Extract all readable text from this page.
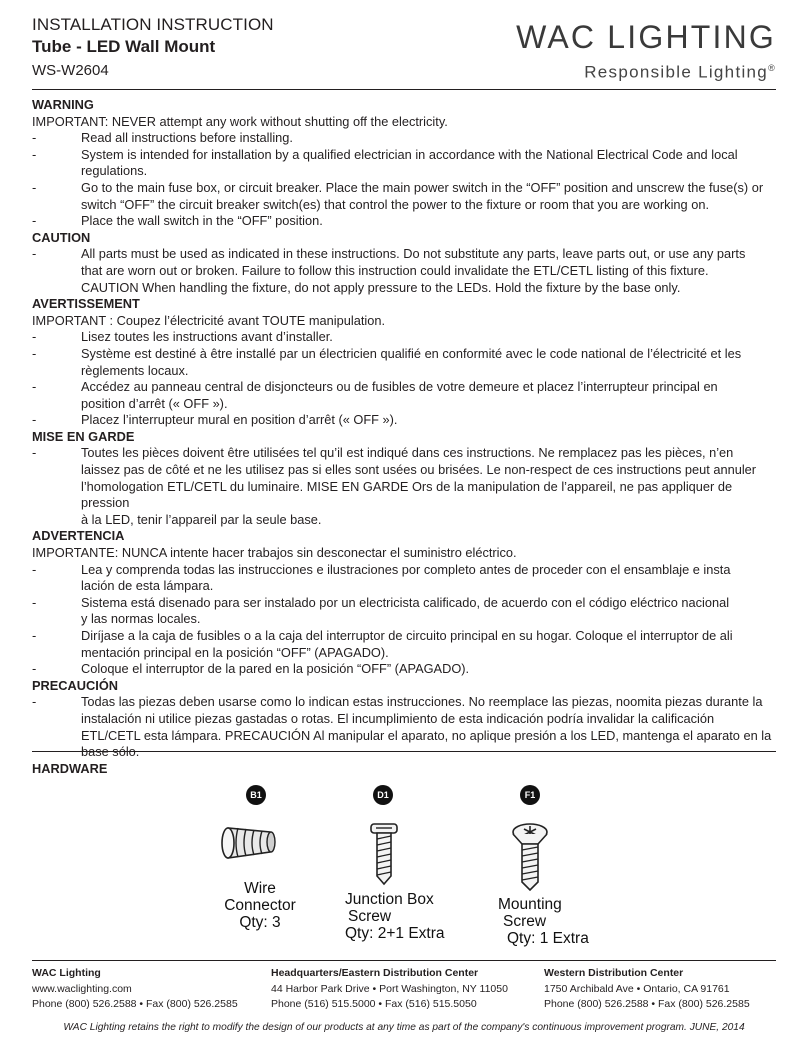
INSTALLATION INSTRUCTION
Tube - LED Wall Mount
WS-W2604
WAC LIGHTING
Responsible Lighting®
WARNING
IMPORTANT: NEVER attempt any work without shutting off the electricity.
-	Read all instructions before installing.
-	System is intended for installation by a qualified electrician in accordance with the National Electrical Code and local
regulations.
-	Go to the main fuse box, or circuit breaker. Place the main power switch in the “OFF” position and unscrew the fuse(s) or
switch “OFF” the circuit breaker switch(es) that control the power to the fixture or room that you are working on.
-	Place the wall switch in the “OFF” position.
CAUTION
-	All parts must be used as indicated in these instructions. Do not substitute any parts, leave parts out, or use any parts
that are worn out or broken. Failure to follow this instruction could invalidate the ETL/CETL listing of this fixture.
CAUTION When handling the fixture, do not apply pressure to the LEDs. Hold the fixture by the base only.
AVERTISSEMENT
IMPORTANT : Coupez l’électricité avant TOUTE manipulation.
-	Lisez toutes les instructions avant d’installer.
-	Système est destiné à être installé par un électricien qualifié en conformité avec le code national de l’électricité et les
règlements locaux.
-	Accédez au panneau central de disjoncteurs ou de fusibles de votre demeure et placez l’interrupteur principal en
position d’arrêt (« OFF »).
-	Placez l’interrupteur mural en position d’arrêt (« OFF »).
MISE EN GARDE
-	Toutes les pièces doivent être utilisées tel qu’il est indiqué dans ces instructions. Ne remplacez pas les pièces, n’en
laissez pas de côté et ne les utilisez pas si elles sont usées ou brisées. Le non-respect de ces instructions peut annuler
l’homologation ETL/CETL du luminaire. MISE EN GARDE Ors de la manipulation de l’appareil, ne pas appliquer de pression
à la LED, tenir l’appareil par la seule base.
ADVERTENCIA
IMPORTANTE: NUNCA intente hacer trabajos sin desconectar el suministro eléctrico.
-	Lea y comprenda todas las instrucciones e ilustraciones por completo antes de proceder con el ensamblaje e insta
lación de esta lámpara.
-	Sistema está disenado para ser instalado por un electricista calificado, de acuerdo con el código eléctrico nacional
y las normas locales.
-	Diríjase a la caja de fusibles o a la caja del interruptor de circuito principal en su hogar. Coloque el interruptor de ali
mentación principal en la posición “OFF” (APAGADO).
-	Coloque el interruptor de la pared en la posición “OFF” (APAGADO).
PRECAUCIÓN
-	Todas las piezas deben usarse como lo indican estas instrucciones. No reemplace las piezas, noomita piezas durante la
instalación ni utilice piezas gastadas o rotas. El incumplimiento de esta indicación podría invalidar la calificación
ETL/CETL esta lámpara. PRECAUCIÓN Al manipular el aparato, no aplique presión a los LED, mantenga el aparato en la
base sólo.
HARDWARE
B1
Wire
Connector
Qty: 3
D1
Junction Box
Screw
Qty: 2+1 Extra
F1
Mounting
Screw
Qty: 1 Extra
WAC Lighting
www.waclighting.com
Phone (800) 526.2588 • Fax (800) 526.2585
Headquarters/Eastern Distribution Center
44 Harbor Park Drive • Port Washington, NY 11050
Phone (516) 515.5000 • Fax (516) 515.5050
Western Distribution Center
1750 Archibald Ave • Ontario, CA 91761
Phone (800) 526.2588 • Fax (800) 526.2585
WAC Lighting retains the right to modify the design of our products at any time as part of the company's continuous improvement program. JUNE, 2014
